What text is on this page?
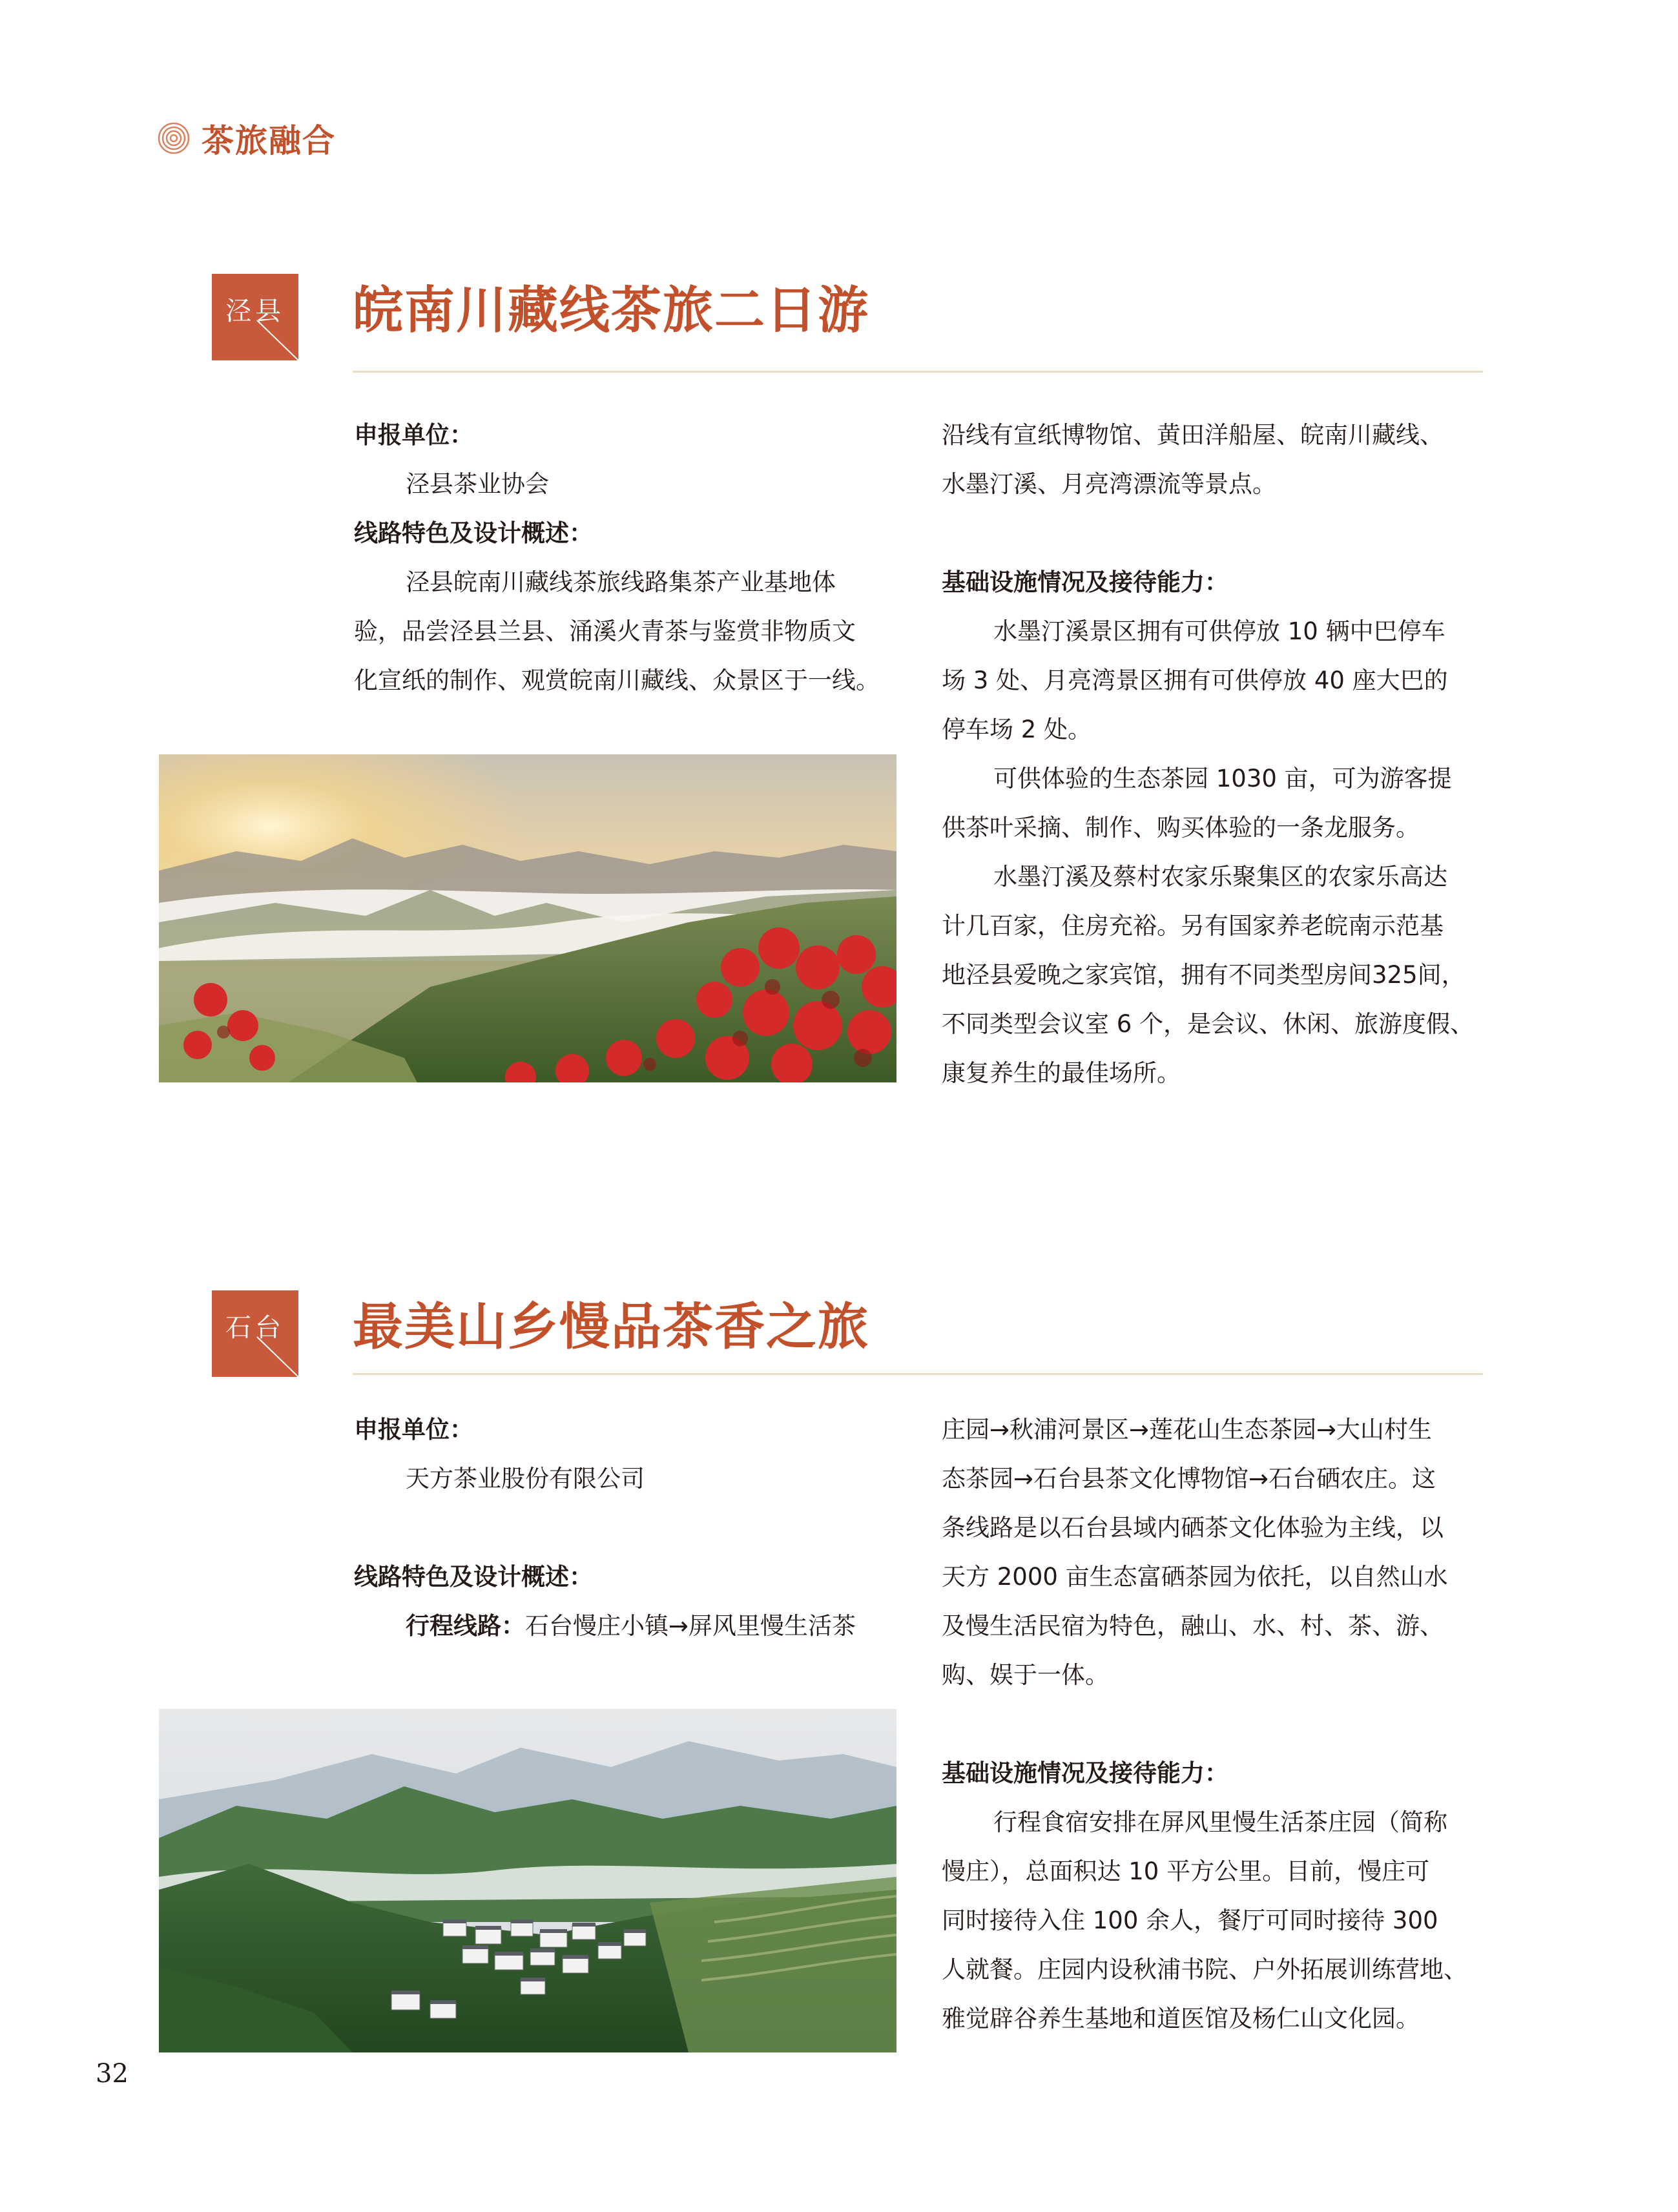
茶旅融合
泾县 皖南川藏线茶旅二日游

申报单位：

泾县茶业协会

线路特色及设计概述：

泾县皖南川藏线茶旅线路集茶产业基地体

验，品尝泾县兰县、涌溪火青茶与鉴赏非物质文

化宣纸的制作、观赏皖南川藏线、众景区于一线。

沿线有宣纸博物馆、黄田洋船屋、皖南川藏线、

水墨汀溪、月亮湾漂流等景点。

基础设施情况及接待能力：

水墨汀溪景区拥有可供停放 10 辆中巴停车

场 3 处、月亮湾景区拥有可供停放 40 座大巴的

停车场 2 处。

可供体验的生态茶园 1030 亩，可为游客提

供茶叶采摘、制作、购买体验的一条龙服务。

水墨汀溪及蔡村农家乐聚集区的农家乐高达

计几百家，住房充裕。另有国家养老皖南示范基

地泾县爱晚之家宾馆，拥有不同类型房间325间，

不同类型会议室 6 个，是会议、休闲、旅游度假、

康复养生的最佳场所。

石台 最美山乡慢品茶香之旅

申报单位：

天方茶业股份有限公司

线路特色及设计概述：

行程线路：石台慢庄小镇→屏风里慢生活茶

庄园→秋浦河景区→莲花山生态茶园→大山村生

态茶园→石台县茶文化博物馆→石台硒农庄。这

条线路是以石台县域内硒茶文化体验为主线，以

天方 2000 亩生态富硒茶园为依托，以自然山水

及慢生活民宿为特色，融山、水、村、茶、游、

购、娱于一体。

基础设施情况及接待能力：

行程食宿安排在屏风里慢生活茶庄园（简称

慢庄），总面积达 10 平方公里。目前，慢庄可

同时接待入住 100 余人，餐厅可同时接待 300

人就餐。庄园内设秋浦书院、户外拓展训练营地、

雅觉辟谷养生基地和道医馆及杨仁山文化园。

32
